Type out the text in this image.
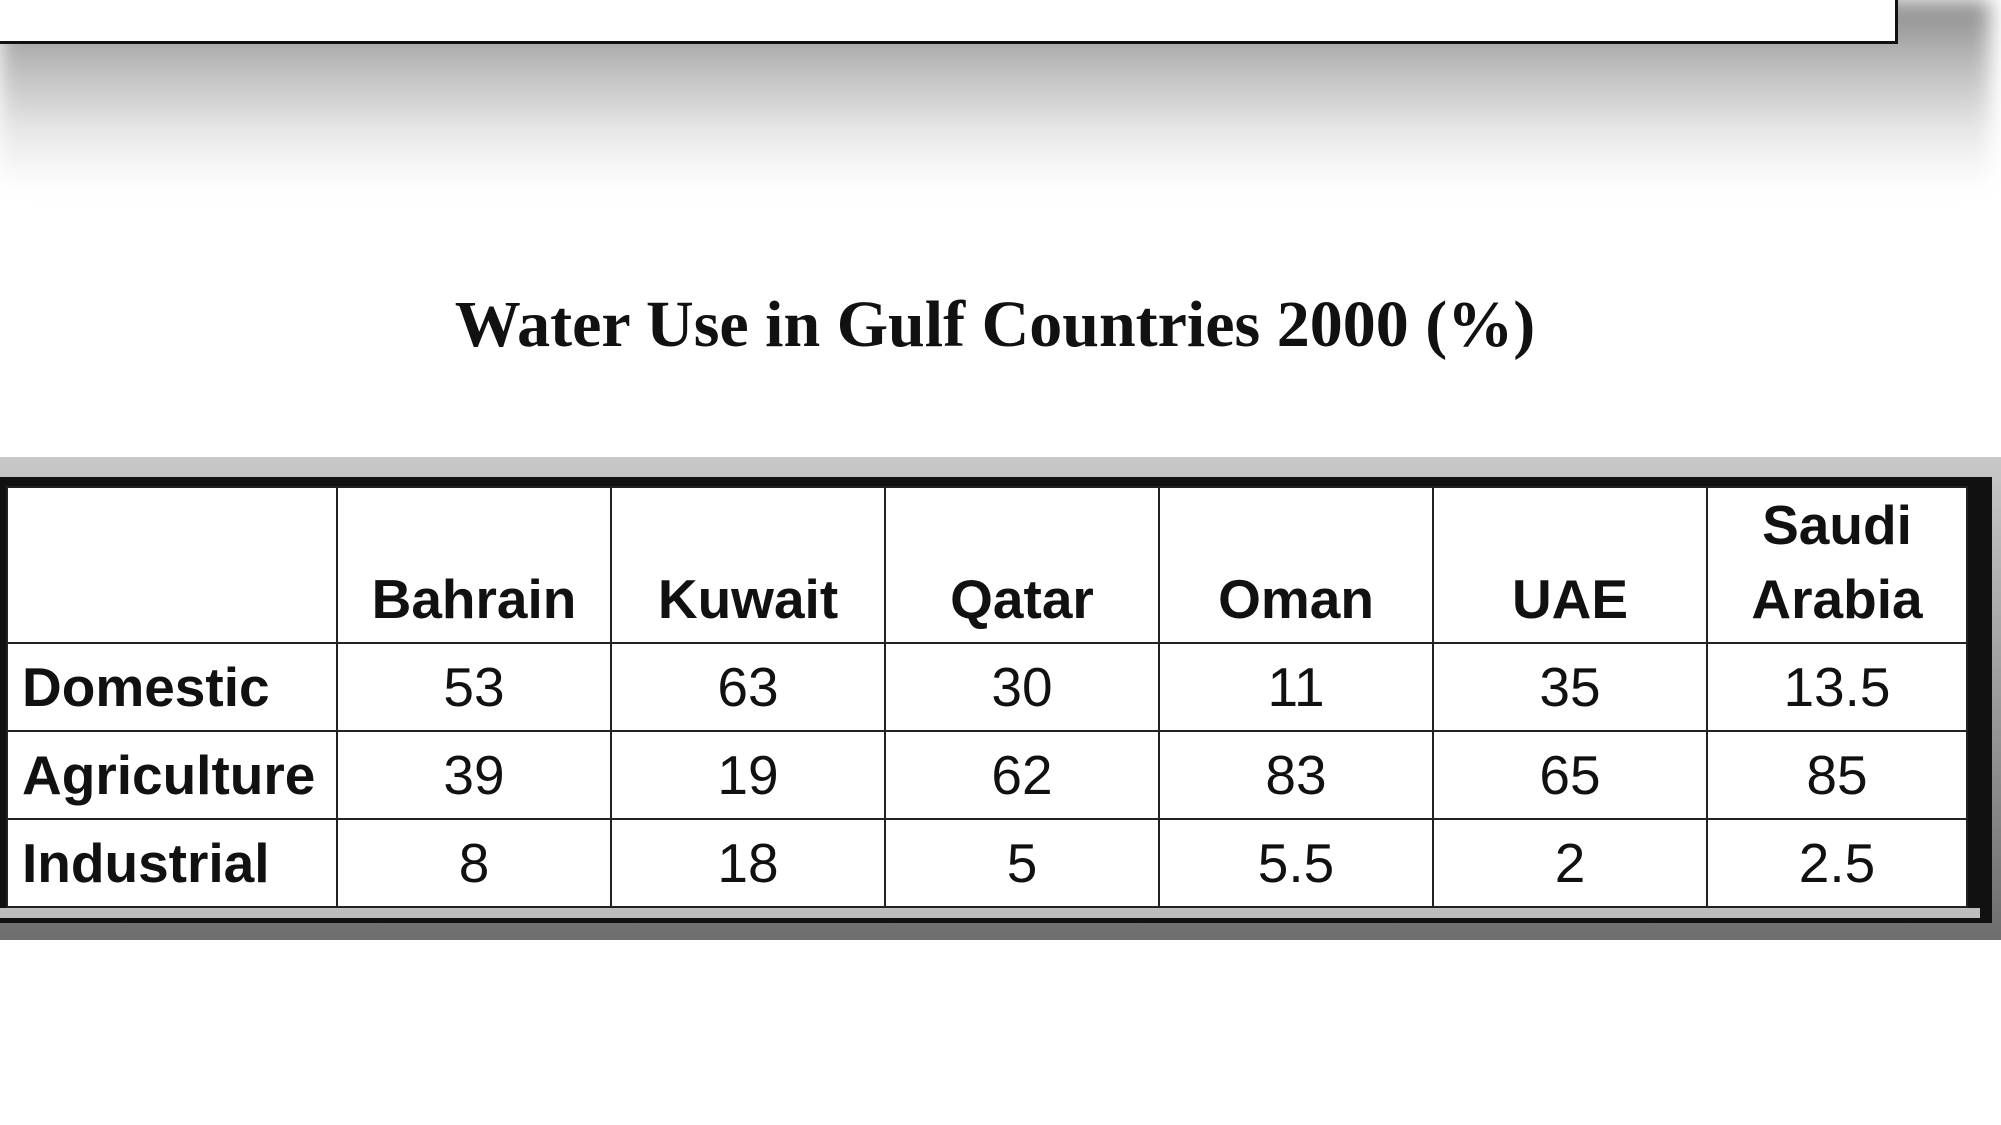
Water Use in Gulf Countries 2000 (%)
	Bahrain	Kuwait	Qatar	Oman	UAE	Saudi
Arabia
Domestic	53	63	30	11	35	13.5
Agriculture	39	19	62	83	65	85
Industrial	8	18	5	5.5	2	2.5
